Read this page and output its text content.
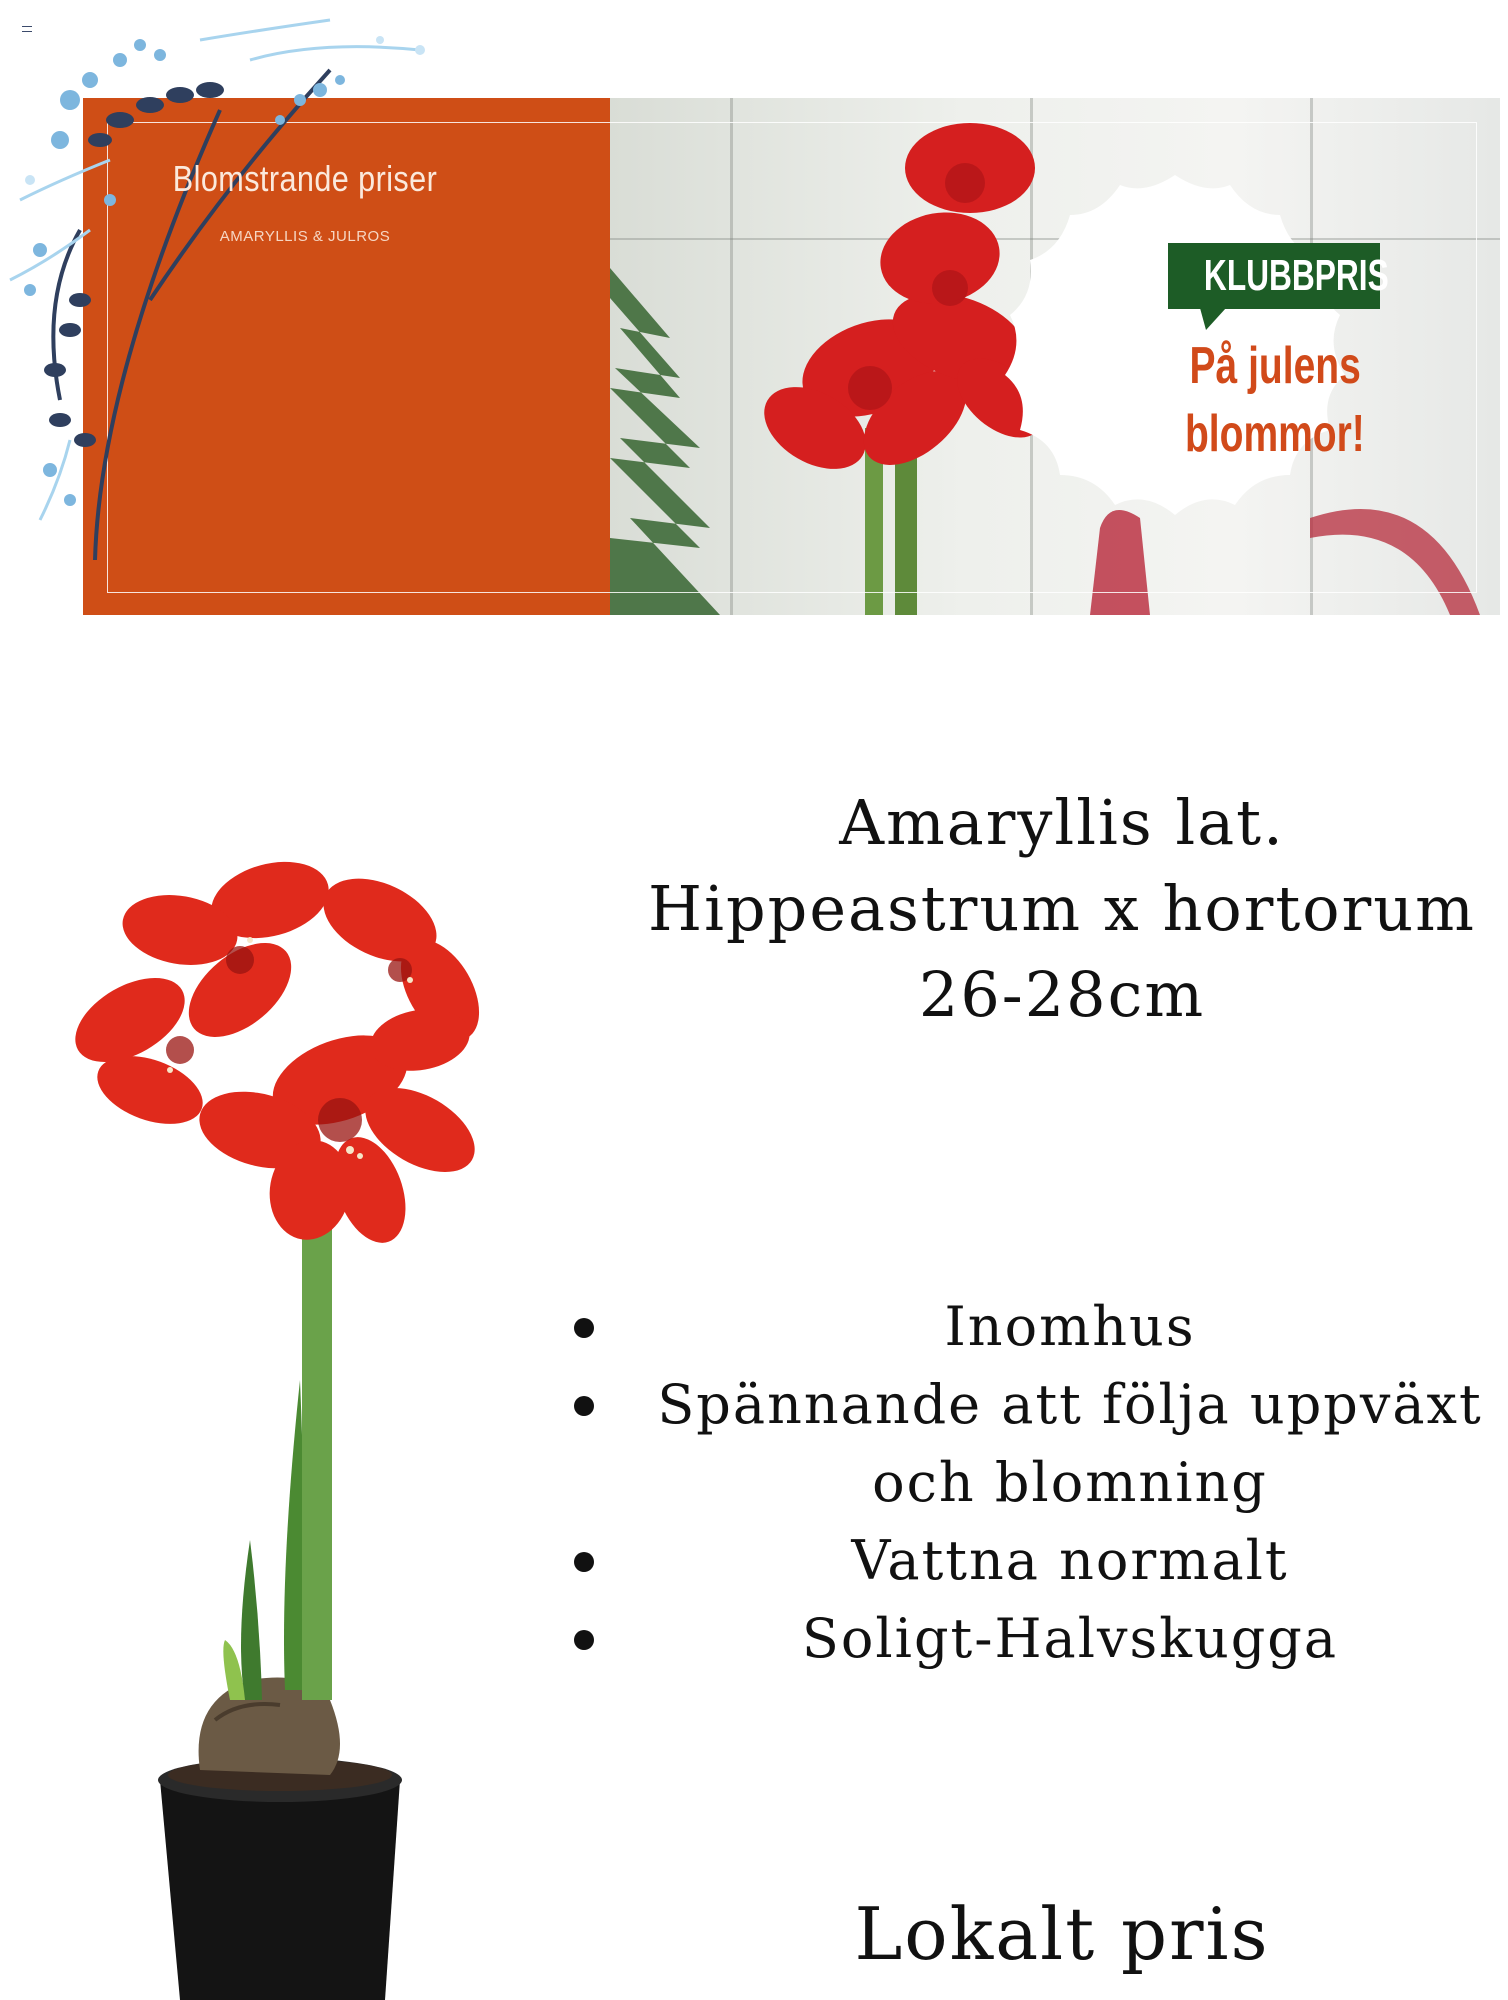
Blomstrande priser
AMARYLLIS & JULROS
KLUBBPRIS
På julens
blommor!
Amaryllis lat.
Hippeastrum x hortorum
26-28cm
Inomhus
Spännande att följa uppväxt och blomning
Vattna normalt
Soligt-Halvskugga
Lokalt pris
